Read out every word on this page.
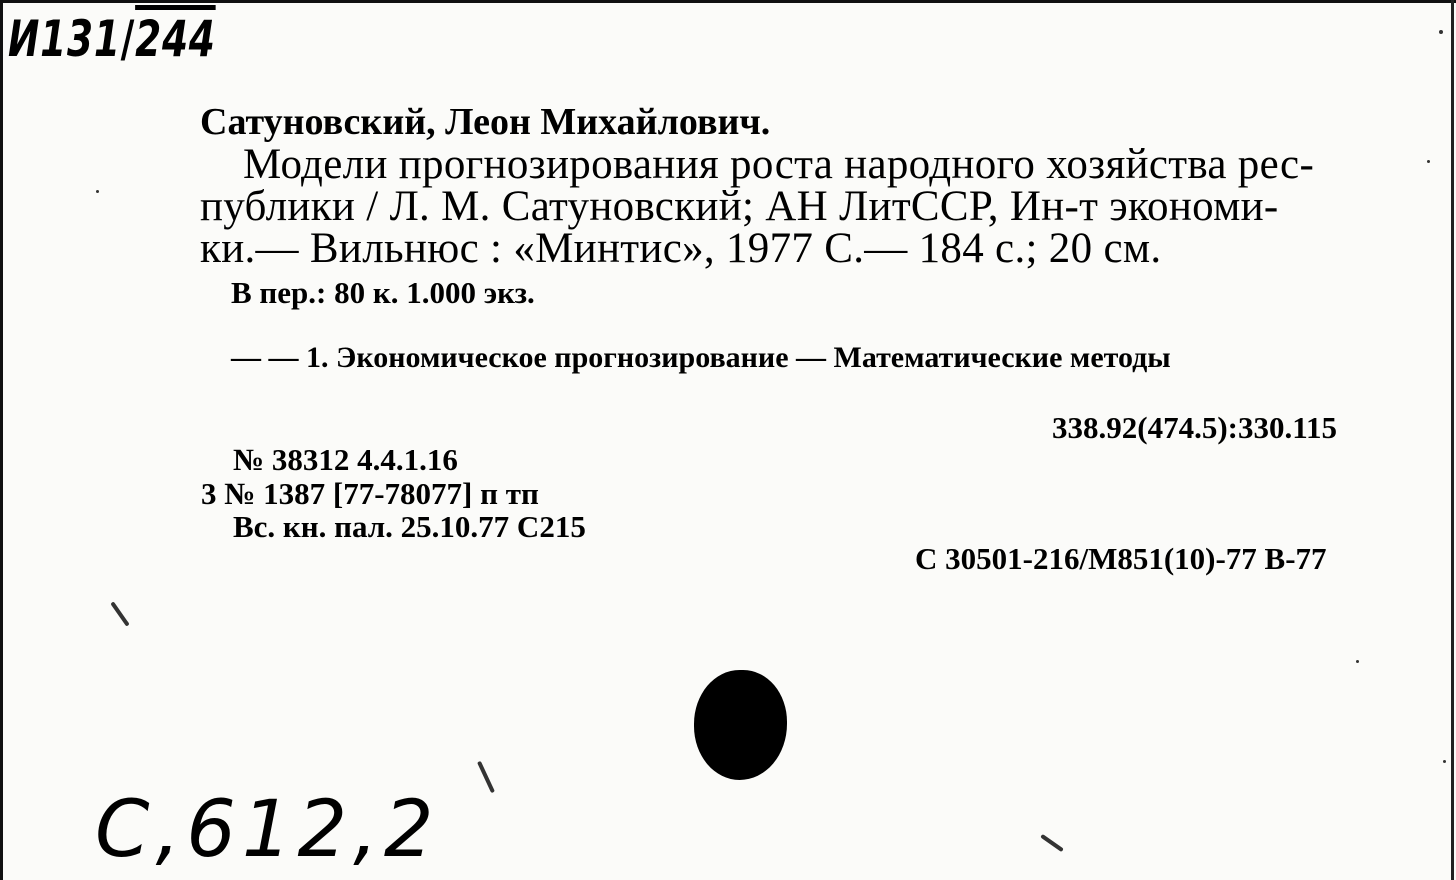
И131/244
Сатуновский, Леон Михайлович.
Модели прогнозирования роста народного хозяйства рес-
публики / Л. М. Сатуновский; АН ЛитССР, Ин-т экономи-
ки.— Вильнюс : «Минтис», 1977 С.— 184 с.; 20 см.
В пер.: 80 к. 1.000 экз.
— — 1. Экономическое прогнозирование — Математические методы
338.92(474.5):330.115
№ 38312 4.4.1.16
3 № 1387 [77-78077] п тп
Вс. кн. пал. 25.10.77 С215
С 30501-216/М851(10)-77 В-77
С,612,2
